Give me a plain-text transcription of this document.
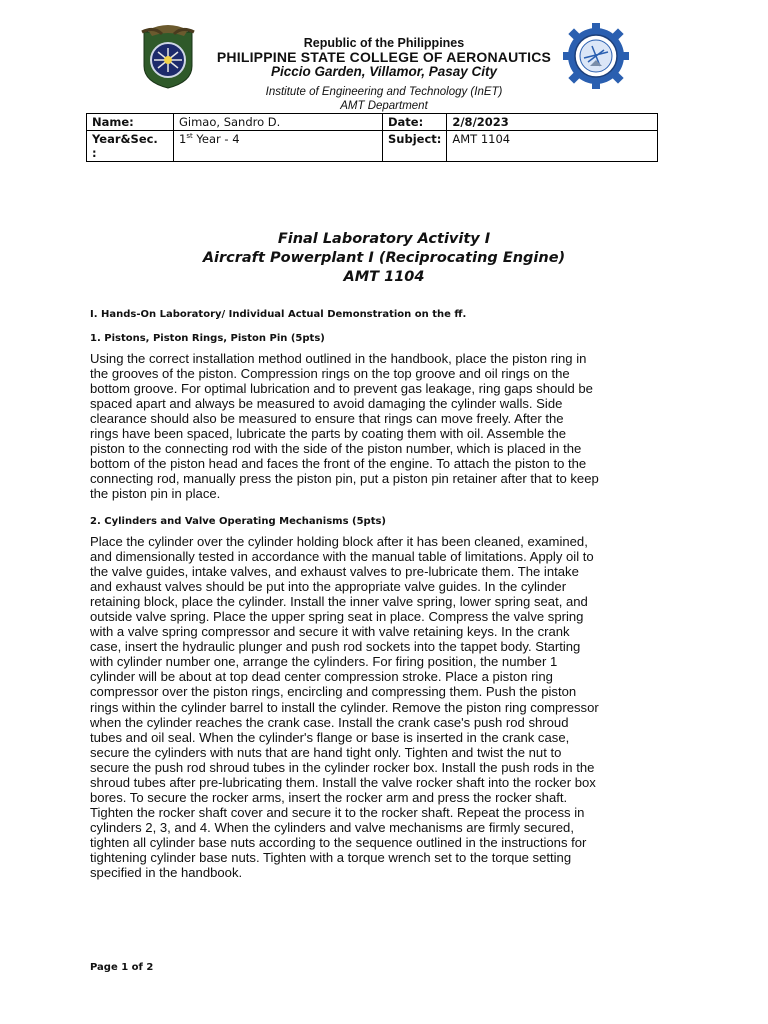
Republic of the Philippines
PHILIPPINE STATE COLLEGE OF AERONAUTICS
Piccio Garden, Villamor, Pasay City
Institute of Engineering and Technology (InET)
AMT Department
Name:	Gimao, Sandro D.	Date:	2/8/2023

Year&Sec.
:	1st Year - 4	Subject:	AMT 1104
Final Laboratory Activity I
Aircraft Powerplant I (Reciprocating Engine)
AMT 1104
I. Hands-On Laboratory/ Individual Actual Demonstration on the ff.
1. Pistons, Piston Rings, Piston Pin (5pts)
Using the correct installation method outlined in the handbook, place the piston ring in
the grooves of the piston. Compression rings on the top groove and oil rings on the
bottom groove. For optimal lubrication and to prevent gas leakage, ring gaps should be
spaced apart and always be measured to avoid damaging the cylinder walls. Side
clearance should also be measured to ensure that rings can move freely. After the
rings have been spaced, lubricate the parts by coating them with oil. Assemble the
piston to the connecting rod with the side of the piston number, which is placed in the
bottom of the piston head and faces the front of the engine. To attach the piston to the
connecting rod, manually press the piston pin, put a piston pin retainer after that to keep
the piston pin in place.
2. Cylinders and Valve Operating Mechanisms (5pts)
Place the cylinder over the cylinder holding block after it has been cleaned, examined,
and dimensionally tested in accordance with the manual table of limitations. Apply oil to
the valve guides, intake valves, and exhaust valves to pre-lubricate them. The intake
and exhaust valves should be put into the appropriate valve guides. In the cylinder
retaining block, place the cylinder. Install the inner valve spring, lower spring seat, and
outside valve spring. Place the upper spring seat in place. Compress the valve spring
with a valve spring compressor and secure it with valve retaining keys. In the crank
case, insert the hydraulic plunger and push rod sockets into the tappet body. Starting
with cylinder number one, arrange the cylinders. For firing position, the number 1
cylinder will be about at top dead center compression stroke. Place a piston ring
compressor over the piston rings, encircling and compressing them. Push the piston
rings within the cylinder barrel to install the cylinder. Remove the piston ring compressor
when the cylinder reaches the crank case. Install the crank case's push rod shroud
tubes and oil seal. When the cylinder's flange or base is inserted in the crank case,
secure the cylinders with nuts that are hand tight only. Tighten and twist the nut to
secure the push rod shroud tubes in the cylinder rocker box. Install the push rods in the
shroud tubes after pre-lubricating them. Install the valve rocker shaft into the rocker box
bores. To secure the rocker arms, insert the rocker arm and press the rocker shaft.
Tighten the rocker shaft cover and secure it to the rocker shaft. Repeat the process in
cylinders 2, 3, and 4. When the cylinders and valve mechanisms are firmly secured,
tighten all cylinder base nuts according to the sequence outlined in the instructions for
tightening cylinder base nuts. Tighten with a torque wrench set to the torque setting
specified in the handbook.
Page 1 of 2
